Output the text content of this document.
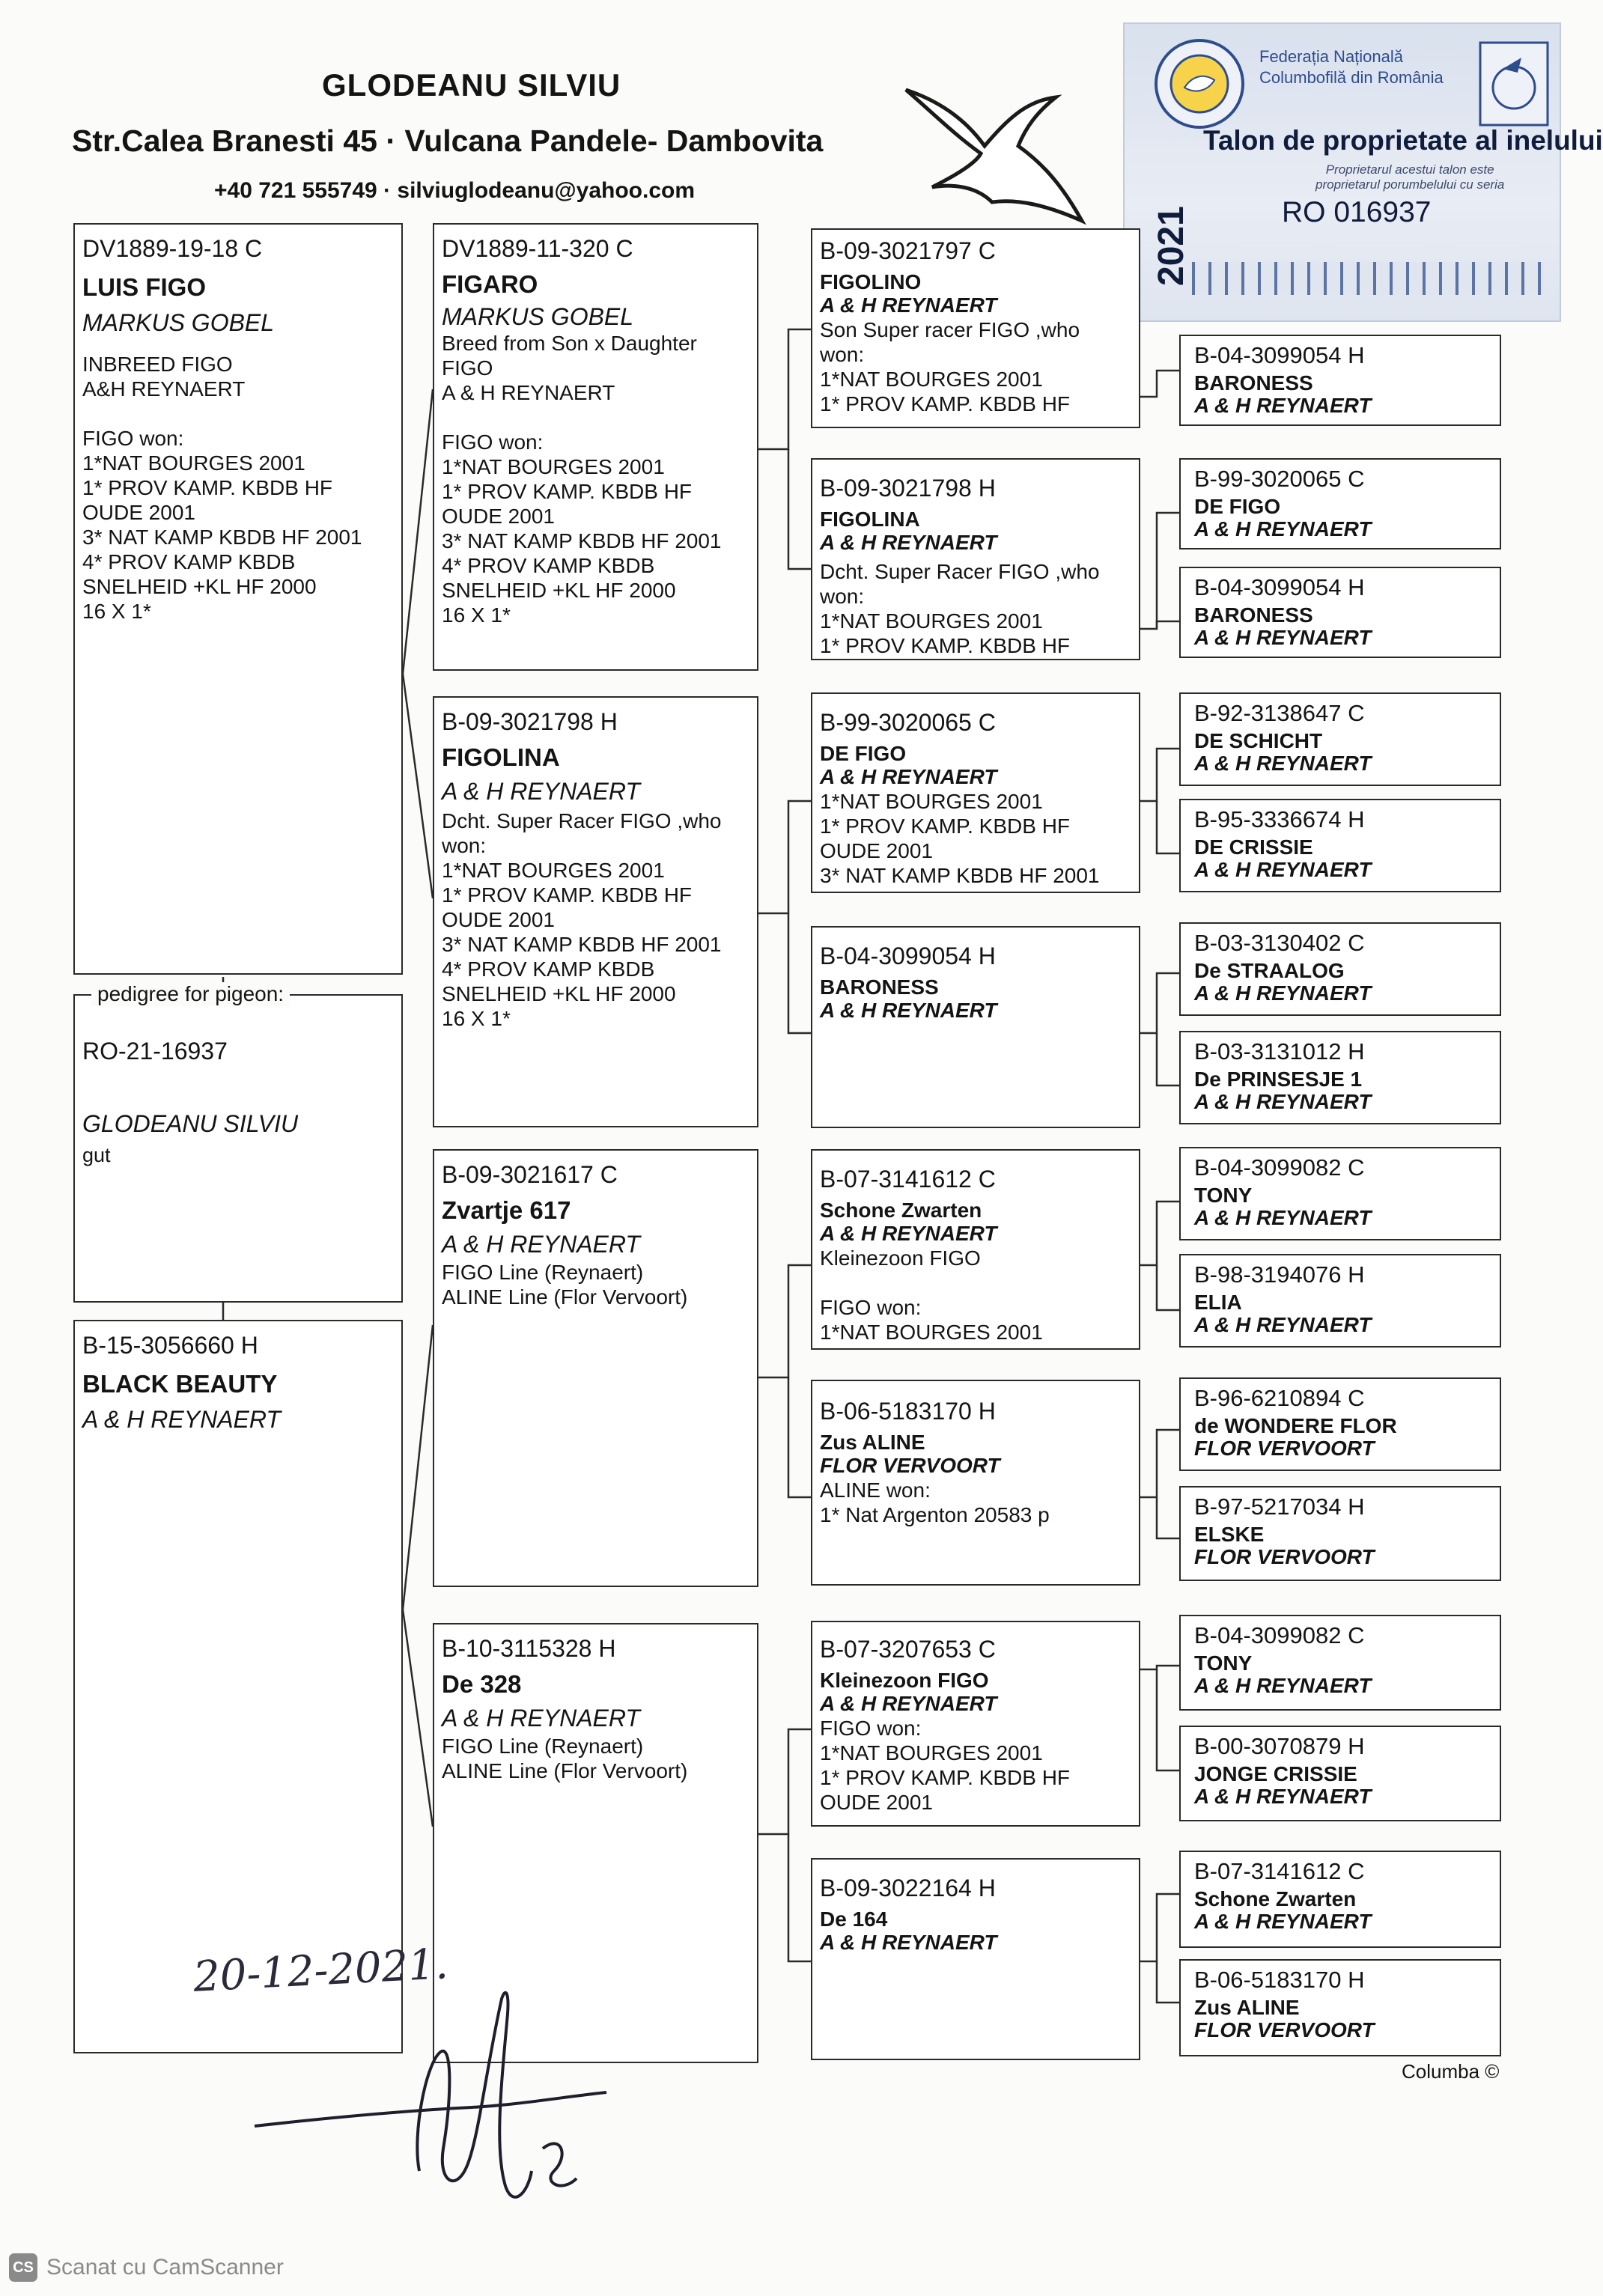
GLODEANU SILVIU
Str.Calea Branesti 45 · Vulcana Pandele- Dambovita
+40 721 555749 · silviuglodeanu@yahoo.com
Federația Națională
Columbofilă din România
Talon de proprietate al inelului
Proprietarul acestui talon este
proprietarul porumbelului cu seria
2021	RO 016937
DV1889-19-18 C
LUIS FIGO
MARKUS GOBEL
INBREED FIGO
A&H REYNAERT

FIGO won:
1*NAT BOURGES 2001
1* PROV KAMP. KBDB HF
OUDE 2001
3* NAT KAMP KBDB HF 2001
4* PROV KAMP KBDB
SNELHEID +KL HF 2000
16 X 1*
pedigree for pigeon:
RO-21-16937
GLODEANU SILVIU
gut
B-15-3056660 H
BLACK BEAUTY
A & H REYNAERT
DV1889-11-320 C
FIGARO
MARKUS GOBEL
Breed from Son x Daughter
FIGO
A & H REYNAERT

FIGO won:
1*NAT BOURGES 2001
1* PROV KAMP. KBDB HF
OUDE 2001
3* NAT KAMP KBDB HF 2001
4* PROV KAMP KBDB
SNELHEID +KL HF 2000
16 X 1*
B-09-3021798 H
FIGOLINA
A & H REYNAERT
Dcht. Super Racer FIGO ,who
won:
1*NAT BOURGES 2001
1* PROV KAMP. KBDB HF
OUDE 2001
3* NAT KAMP KBDB HF 2001
4* PROV KAMP KBDB
SNELHEID +KL HF 2000
16 X 1*
B-09-3021617 C
Zvartje 617
A & H REYNAERT
FIGO Line (Reynaert)
ALINE Line (Flor Vervoort)
B-10-3115328 H
De 328
A & H REYNAERT
FIGO Line (Reynaert)
ALINE Line (Flor Vervoort)
B-09-3021797 C
FIGOLINO
A & H REYNAERT
Son Super racer FIGO ,who
won:
1*NAT BOURGES 2001
1* PROV KAMP. KBDB HF
B-09-3021798 H
FIGOLINA
A & H REYNAERT
Dcht. Super Racer FIGO ,who
won:
1*NAT BOURGES 2001
1* PROV KAMP. KBDB HF
B-99-3020065 C
DE FIGO
A & H REYNAERT
1*NAT BOURGES 2001
1* PROV KAMP. KBDB HF
OUDE 2001
3* NAT KAMP KBDB HF 2001
B-04-3099054 H
BARONESS
A & H REYNAERT
B-07-3141612 C
Schone Zwarten
A & H REYNAERT
Kleinezoon FIGO

FIGO won:
1*NAT BOURGES 2001
B-06-5183170 H
Zus ALINE
FLOR VERVOORT
ALINE won:
1* Nat Argenton 20583 p
B-07-3207653 C
Kleinezoon FIGO
A & H REYNAERT
FIGO won:
1*NAT BOURGES 2001
1* PROV KAMP. KBDB HF
OUDE 2001
B-09-3022164 H
De 164
A & H REYNAERT
B-04-3099054 H
BARONESS
A & H REYNAERT
B-99-3020065 C
DE FIGO
A & H REYNAERT
B-04-3099054 H
BARONESS
A & H REYNAERT
B-92-3138647 C
DE SCHICHT
A & H REYNAERT
B-95-3336674 H
DE CRISSIE
A & H REYNAERT
B-03-3130402 C
De STRAALOG
A & H REYNAERT
B-03-3131012 H
De PRINSESJE 1
A & H REYNAERT
B-04-3099082 C
TONY
A & H REYNAERT
B-98-3194076 H
ELIA
A & H REYNAERT
B-96-6210894 C
de WONDERE FLOR
FLOR VERVOORT
B-97-5217034 H
ELSKE
FLOR VERVOORT
B-04-3099082 C
TONY
A & H REYNAERT
B-00-3070879 H
JONGE CRISSIE
A & H REYNAERT
B-07-3141612 C
Schone Zwarten
A & H REYNAERT
B-06-5183170 H
Zus ALINE
FLOR VERVOORT
Columba ©
20-12-2021.
CS Scanat cu CamScanner
